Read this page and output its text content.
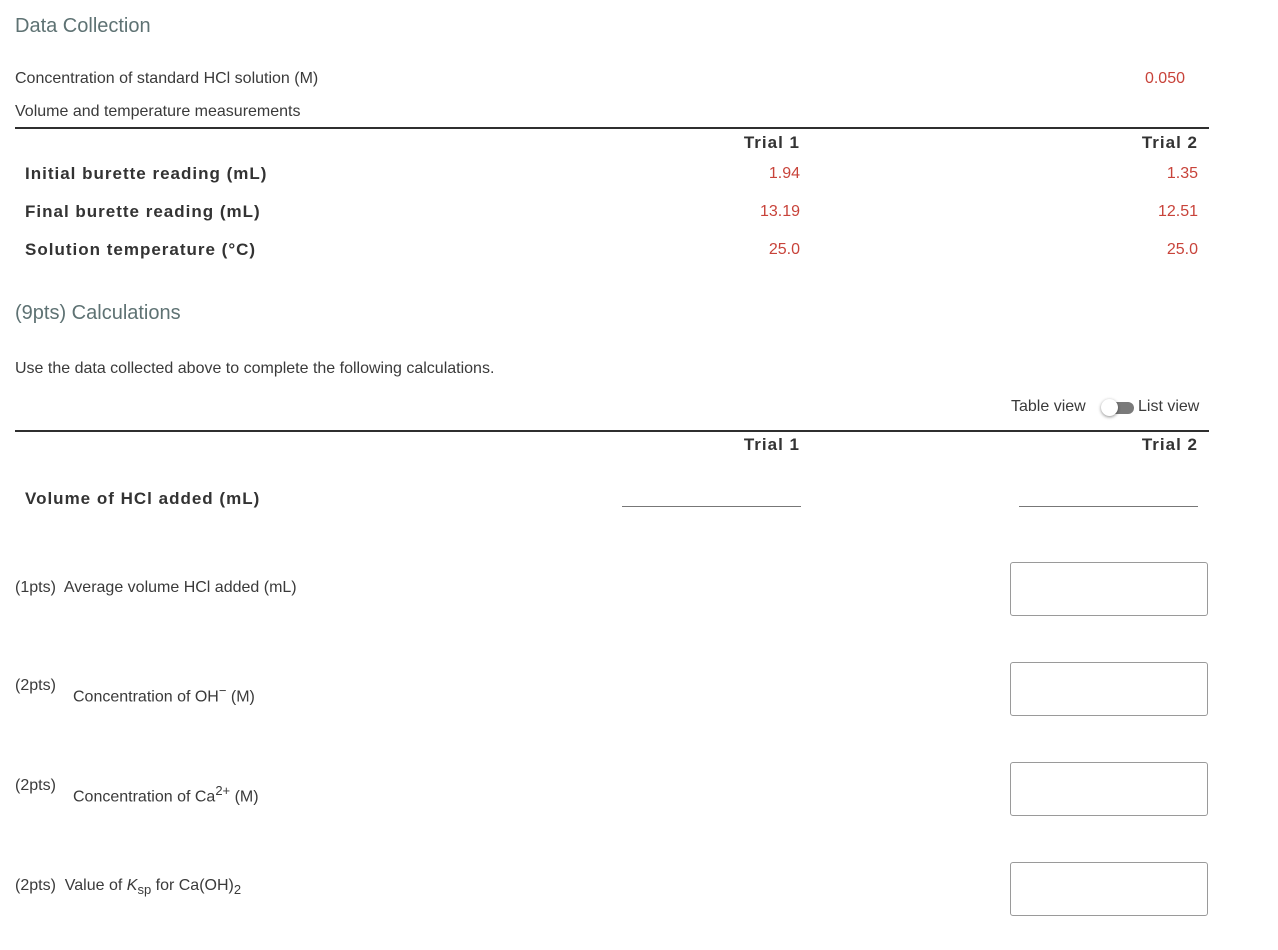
Data Collection
Concentration of standard HCl solution (M)	0.050
Volume and temperature measurements
Trial 1	Trial 2
Initial burette reading (mL)	1.94	1.35
Final burette reading (mL)	13.19	12.51
Solution temperature (°C)	25.0	25.0
(9pts) Calculations
Use the data collected above to complete the following calculations.
Table view	List view
Trial 1	Trial 2
Volume of HCl added (mL)
(1pts) Average volume HCl added (mL)
(2pts)
Concentration of OH− (M)
(2pts)
Concentration of $Ca^{2+}$ (M)
(2pts) Value of $K_{sp}$ for $Ca(OH)_2$
